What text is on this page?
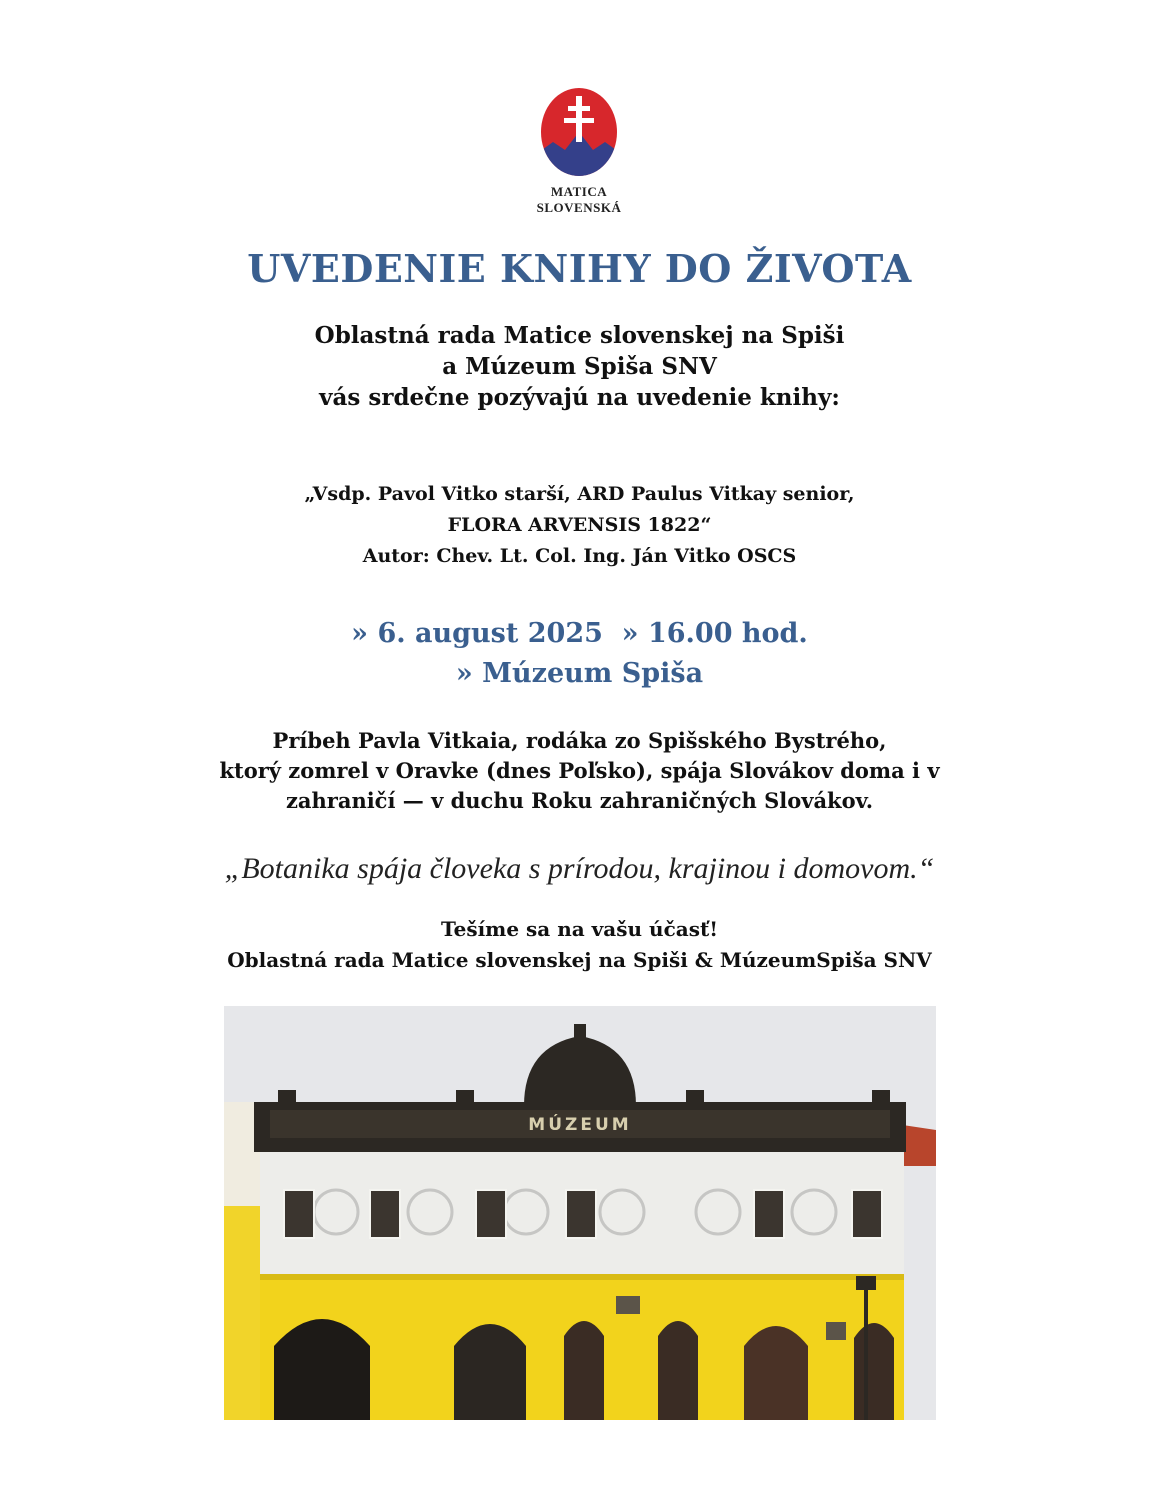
MATICA
SLOVENSKÁ
UVEDENIE KNIHY DO ŽIVOTA
Oblastná rada Matice slovenskej na Spiši
a Múzeum Spiša SNV
vás srdečne pozývajú na uvedenie knihy:
„Vsdp. Pavol Vitko starší, ARD Paulus Vitkay senior,
FLORA ARVENSIS 1822“
Autor: Chev. Lt. Col. Ing. Ján Vitko OSCS
» 6. august 2025  » 16.00 hod.
» Múzeum Spiša
Príbeh Pavla Vitkaia, rodáka zo Spišského Bystrého,
ktorý zomrel v Oravke (dnes Poľsko), spája Slovákov doma i v
zahraničí — v duchu Roku zahraničných Slovákov.
„Botanika spája človeka s prírodou, krajinou i domovom.“
Tešíme sa na vašu účasť!
Oblastná rada Matice slovenskej na Spiši & MúzeumSpiša SNV
MÚZEUM
